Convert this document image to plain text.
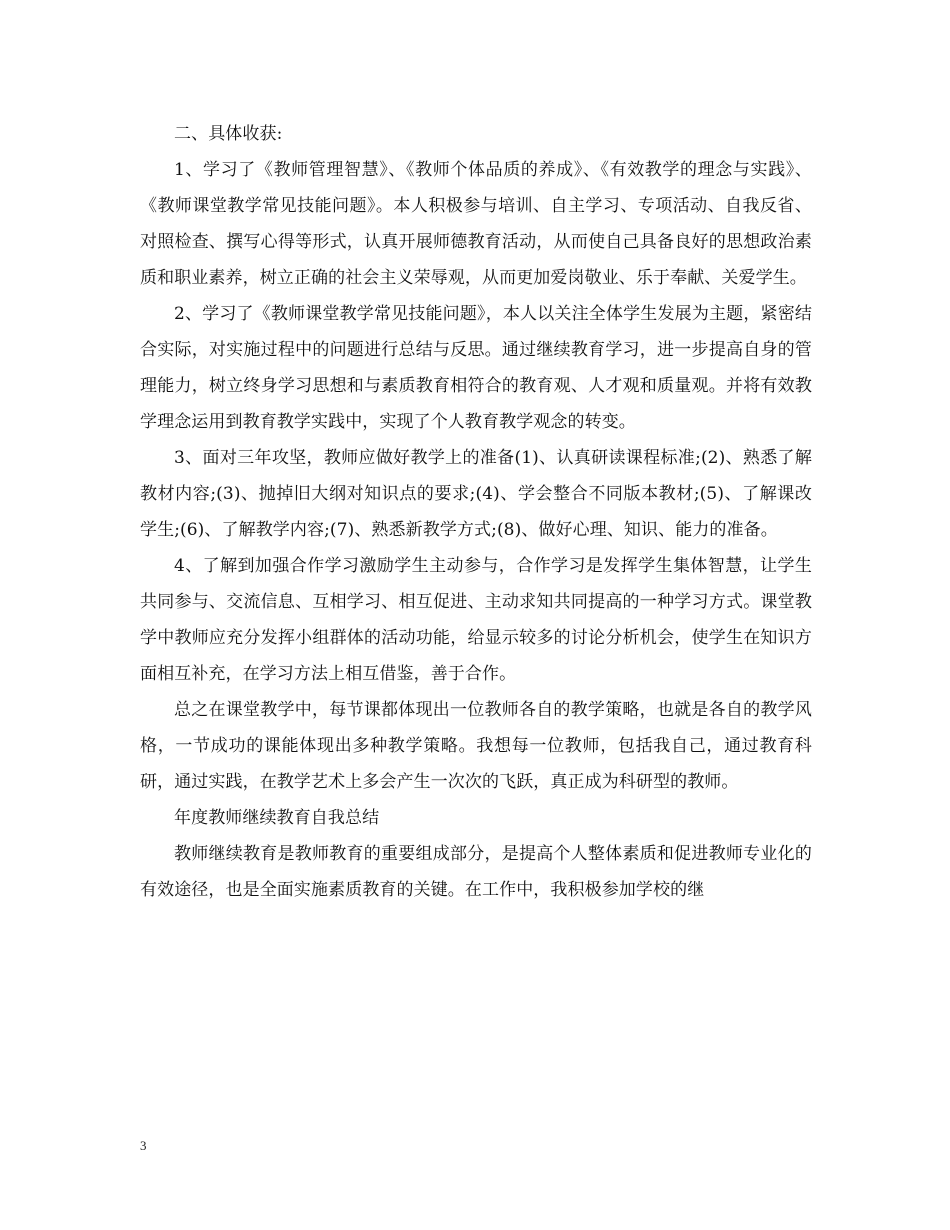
二、具体收获:

1、学习了《教师管理智慧》、《教师个体品质的养成》、《有效教学的理念与实践》、《教师课堂教学常见技能问题》。本人积极参与培训、自主学习、专项活动、自我反省、对照检查、撰写心得等形式，认真开展师德教育活动，从而使自己具备良好的思想政治素质和职业素养，树立正确的社会主义荣辱观，从而更加爱岗敬业、乐于奉献、关爱学生。

2、学习了《教师课堂教学常见技能问题》，本人以关注全体学生发展为主题，紧密结合实际，对实施过程中的问题进行总结与反思。通过继续教育学习，进一步提高自身的管理能力，树立终身学习思想和与素质教育相符合的教育观、人才观和质量观。并将有效教学理念运用到教育教学实践中，实现了个人教育教学观念的转变。

3、面对三年攻坚，教师应做好教学上的准备(1)、认真研读课程标准;(2)、熟悉了解教材内容;(3)、抛掉旧大纲对知识点的要求;(4)、学会整合不同版本教材;(5)、了解课改学生;(6)、了解教学内容;(7)、熟悉新教学方式;(8)、做好心理、知识、能力的准备。

4、了解到加强合作学习激励学生主动参与，合作学习是发挥学生集体智慧，让学生共同参与、交流信息、互相学习、相互促进、主动求知共同提高的一种学习方式。课堂教学中教师应充分发挥小组群体的活动功能，给显示较多的讨论分析机会，使学生在知识方面相互补充，在学习方法上相互借鉴，善于合作。

总之在课堂教学中，每节课都体现出一位教师各自的教学策略，也就是各自的教学风格，一节成功的课能体现出多种教学策略。我想每一位教师，包括我自己，通过教育科研，通过实践，在教学艺术上多会产生一次次的飞跃，真正成为科研型的教师。

年度教师继续教育自我总结

教师继续教育是教师教育的重要组成部分，是提高个人整体素质和促进教师专业化的有效途径，也是全面实施素质教育的关键。在工作中，我积极参加学校的继

3
